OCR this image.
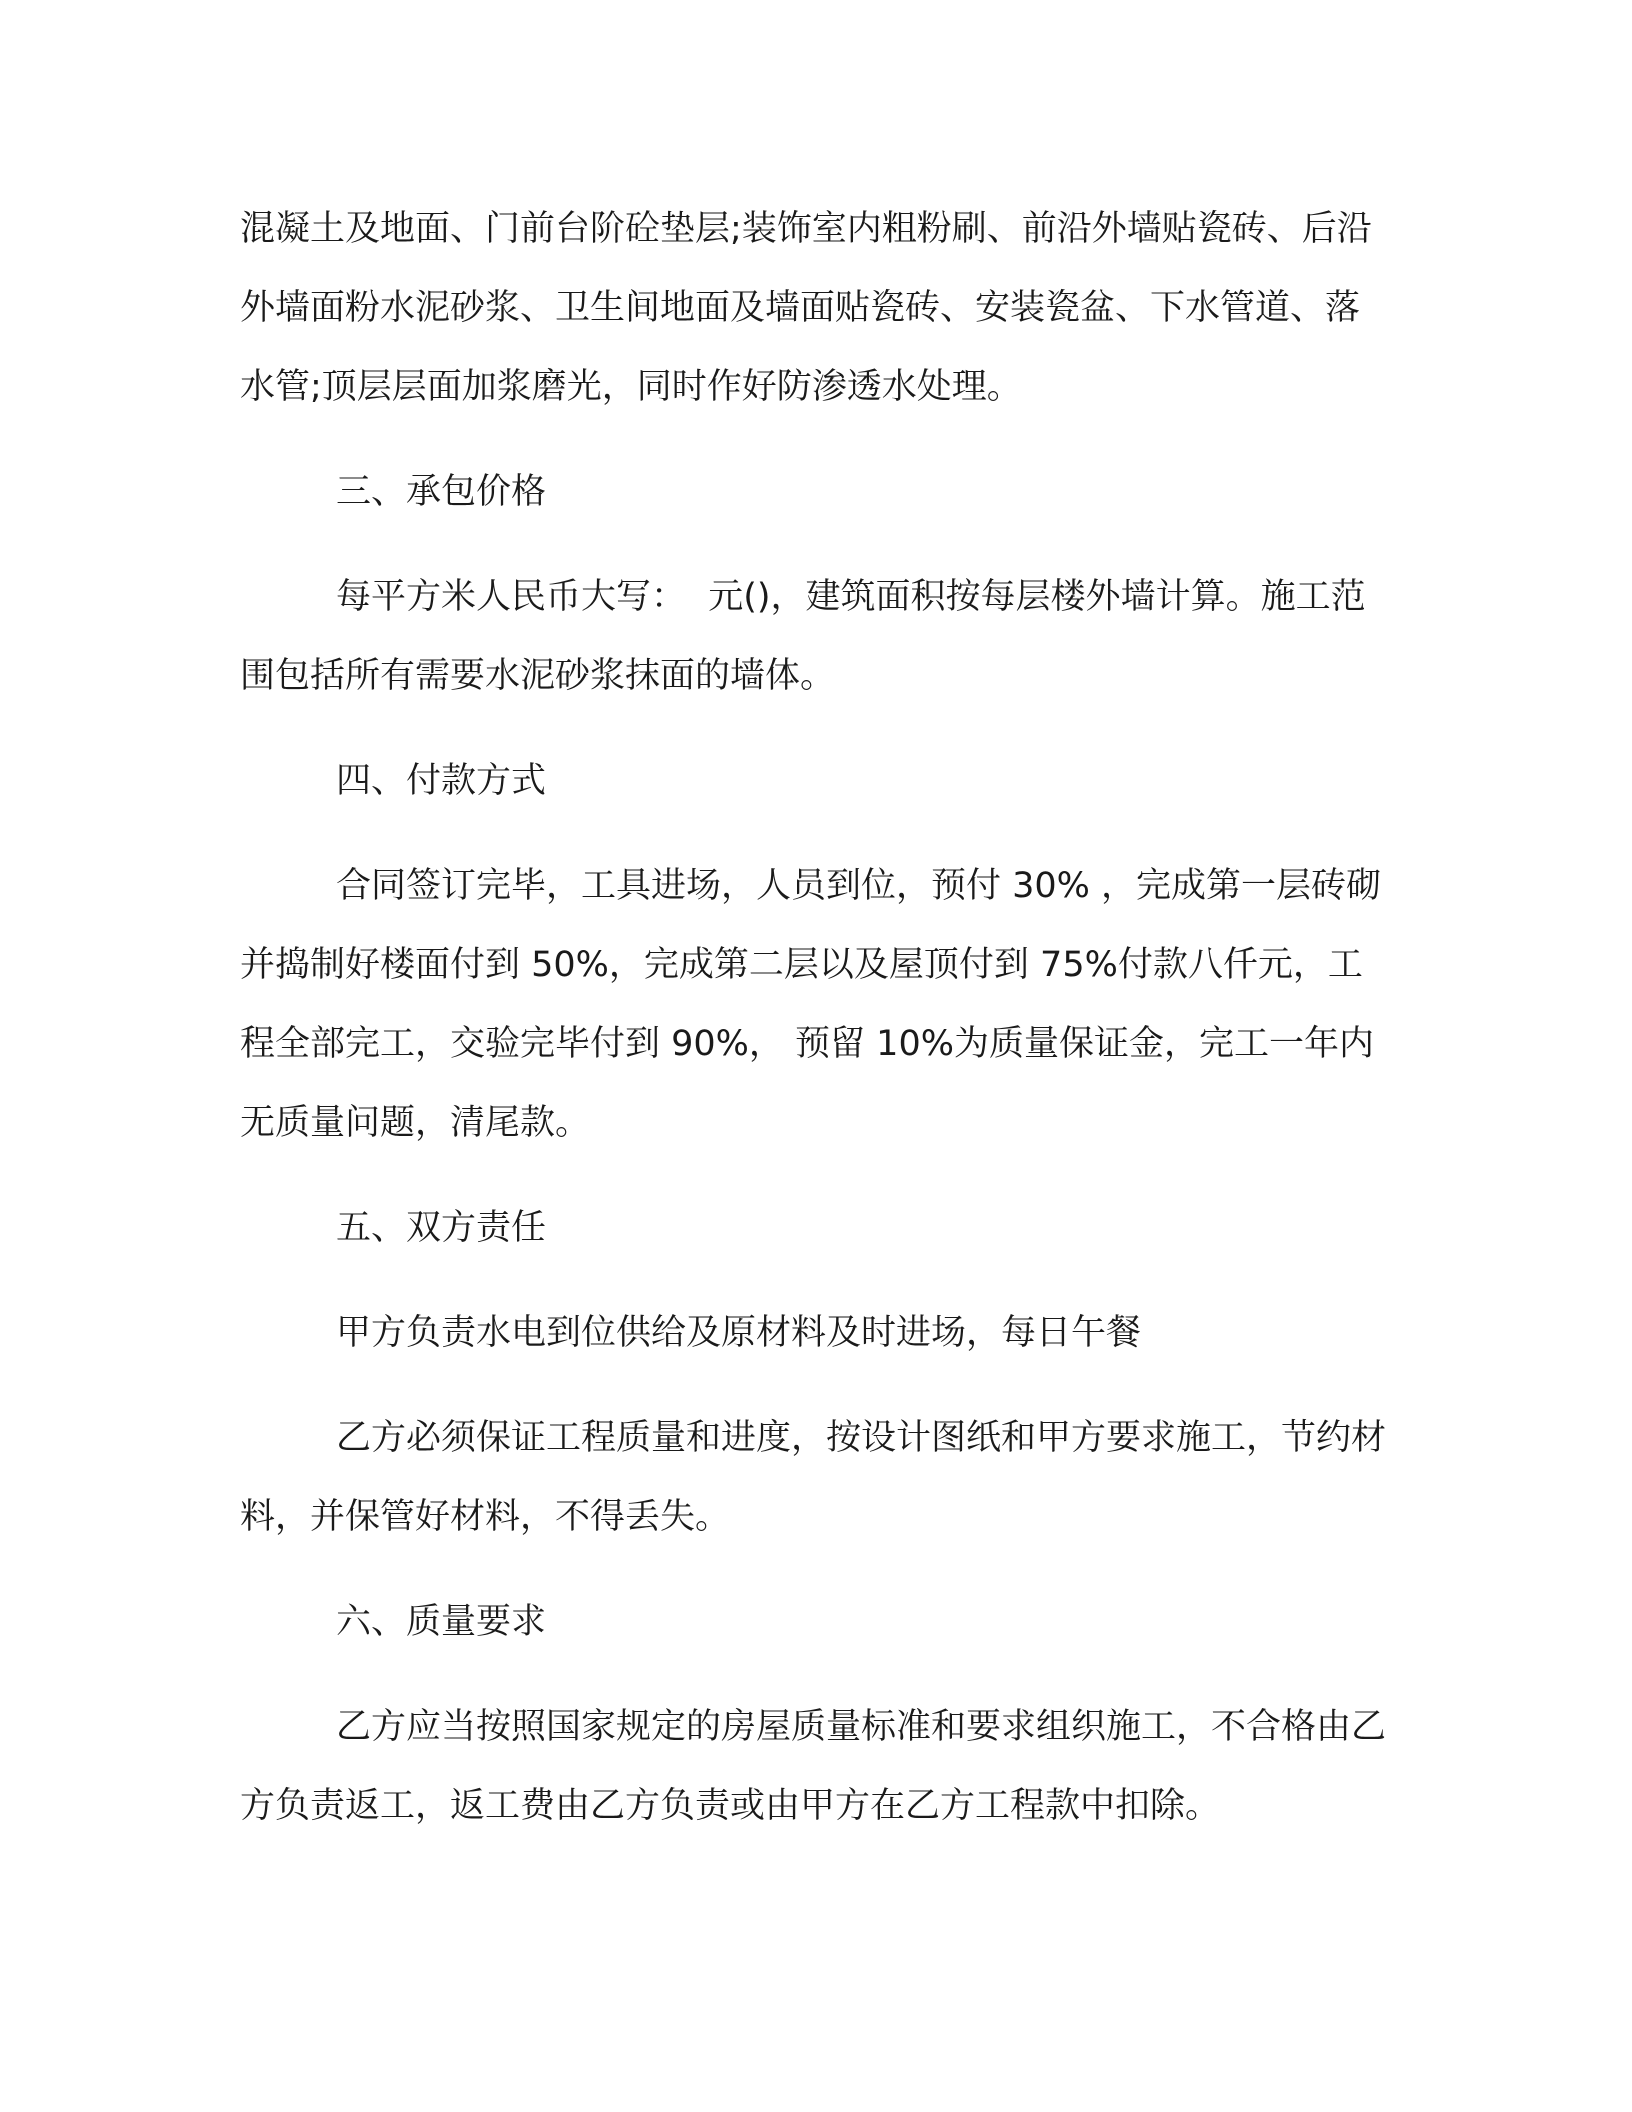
混凝土及地面、门前台阶砼垫层;装饰室内粗粉刷、前沿外墙贴瓷砖、后沿外墙面粉水泥砂浆、卫生间地面及墙面贴瓷砖、安装瓷盆、下水管道、落水管;顶层层面加浆磨光，同时作好防渗透水处理。

三、承包价格

每平方米人民币大写：  元()，建筑面积按每层楼外墙计算。施工范围包括所有需要水泥砂浆抹面的墙体。

四、付款方式

合同签订完毕，工具进场，人员到位，预付 30% ，完成第一层砖砌并捣制好楼面付到 50%，完成第二层以及屋顶付到 75%付款八仟元，工程全部完工，交验完毕付到 90%， 预留 10%为质量保证金，完工一年内无质量问题，清尾款。

五、双方责任

甲方负责水电到位供给及原材料及时进场，每日午餐

乙方必须保证工程质量和进度，按设计图纸和甲方要求施工，节约材料，并保管好材料，不得丢失。

六、质量要求

乙方应当按照国家规定的房屋质量标准和要求组织施工，不合格由乙方负责返工，返工费由乙方负责或由甲方在乙方工程款中扣除。
